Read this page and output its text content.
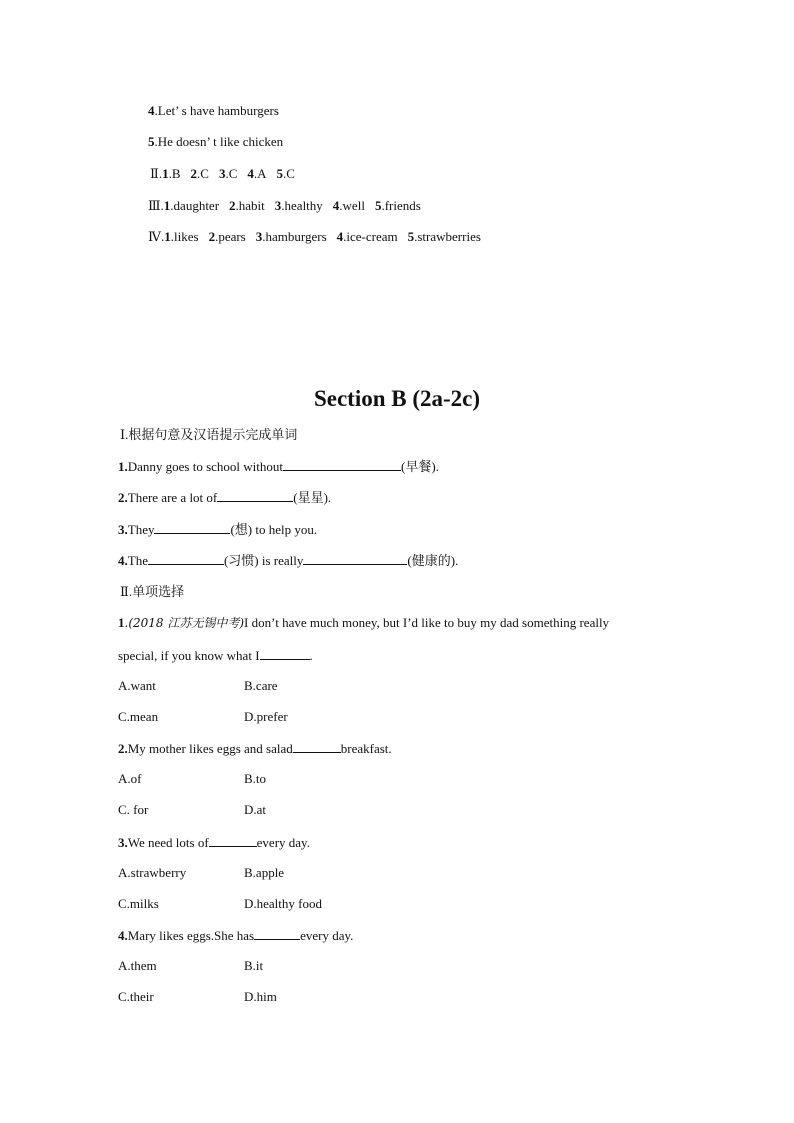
4.Let’ s have hamburgers
5.He doesn’ t like chicken
Ⅱ.1.B 2.C 3.C 4.A 5.C
Ⅲ.1.daughter 2.habit 3.healthy 4.well 5.friends
Ⅳ.1.likes 2.pears 3.hamburgers 4.ice-cream 5.strawberries
Section B (2a-2c)
Ⅰ.根据句意及汉语提示完成单词
1.Danny goes to school without	(早餐).
2.There are a lot of	(星星).
3.They	(想) to help you.
4.The	(习惯) is really	(健康的).
Ⅱ.单项选择
1.(2018 江苏无锡中考)I don’t have much money, but I’d like to buy my dad something really
special, if you know what I	.
A.want	B.care
C.mean	D.prefer
2.My mother likes eggs and salad	breakfast.
A.of	B.to
C. for	D.at
3.We need lots of	every day.
A.strawberry	B.apple
C.milks	D.healthy food
4.Mary likes eggs.She has	every day.
A.them	B.it
C.their	D.him
